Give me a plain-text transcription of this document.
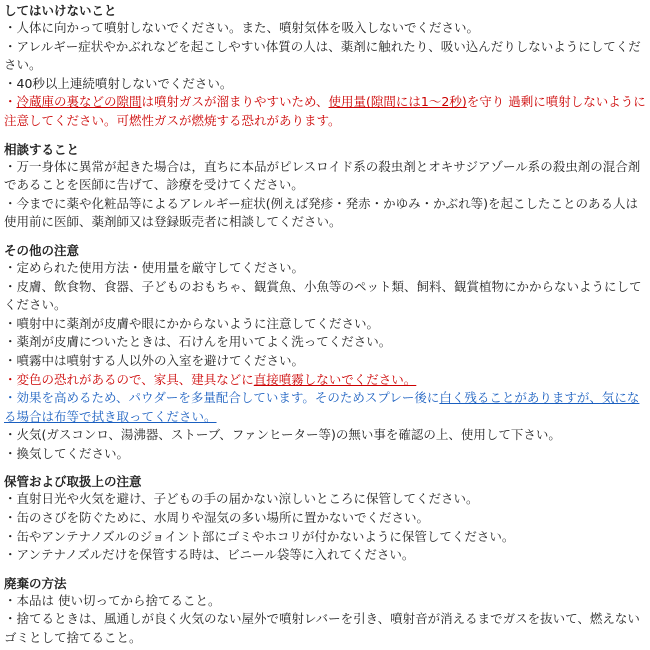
してはいけないこと
・人体に向かって噴射しないでください。また、噴射気体を吸入しないでください。
・アレルギー症状やかぶれなどを起こしやすい体質の人は、薬剤に触れたり、吸い込んだりしないようにしてください。
・40秒以上連続噴射しないでください。
・冷蔵庫の裏などの隙間は噴射ガスが溜まりやすいため、使用量(隙間には1～2秒)を守り 過剰に噴射しないように注意してください。可燃性ガスが燃焼する恐れがあります。
相談すること
・万一身体に異常が起きた場合は，直ちに本品がピレスロイド系の殺虫剤とオキサジアゾール系の殺虫剤の混合剤であることを医師に告げて、診療を受けてください。
・今までに薬や化粧品等によるアレルギー症状(例えば発疹・発赤・かゆみ・かぶれ等)を起こしたことのある人は使用前に医師、薬剤師又は登録販売者に相談してください。
その他の注意
・定められた使用方法・使用量を厳守してください。
・皮膚、飲食物、食器、子どものおもちゃ、観賞魚、小魚等のペット類、飼料、観賞植物にかからないようにしてください。
・噴射中に薬剤が皮膚や眼にかからないように注意してください。
・薬剤が皮膚についたときは、石けんを用いてよく洗ってください。
・噴霧中は噴射する人以外の入室を避けてください。
・変色の恐れがあるので、家具、建具などに直接噴霧しないでください。
・効果を高めるため、パウダーを多量配合しています。そのためスプレー後に白く残ることがありますが、気になる場合は布等で拭き取ってください。
・火気(ガスコンロ、湯沸器、ストーブ、ファンヒーター等)の無い事を確認の上、使用して下さい。
・換気してください。
保管および取扱上の注意
・直射日光や火気を避け、子どもの手の届かない涼しいところに保管してください。
・缶のさびを防ぐために、水周りや湿気の多い場所に置かないでください。
・缶やアンテナノズルのジョイント部にゴミやホコリが付かないように保管してください。
・アンテナノズルだけを保管する時は、ビニール袋等に入れてください。
廃棄の方法
・本品は 使い切ってから捨てること。
・捨てるときは、風通しが良く火気のない屋外で噴射レバーを引き、噴射音が消えるまでガスを抜いて、燃えないゴミとして捨てること。
